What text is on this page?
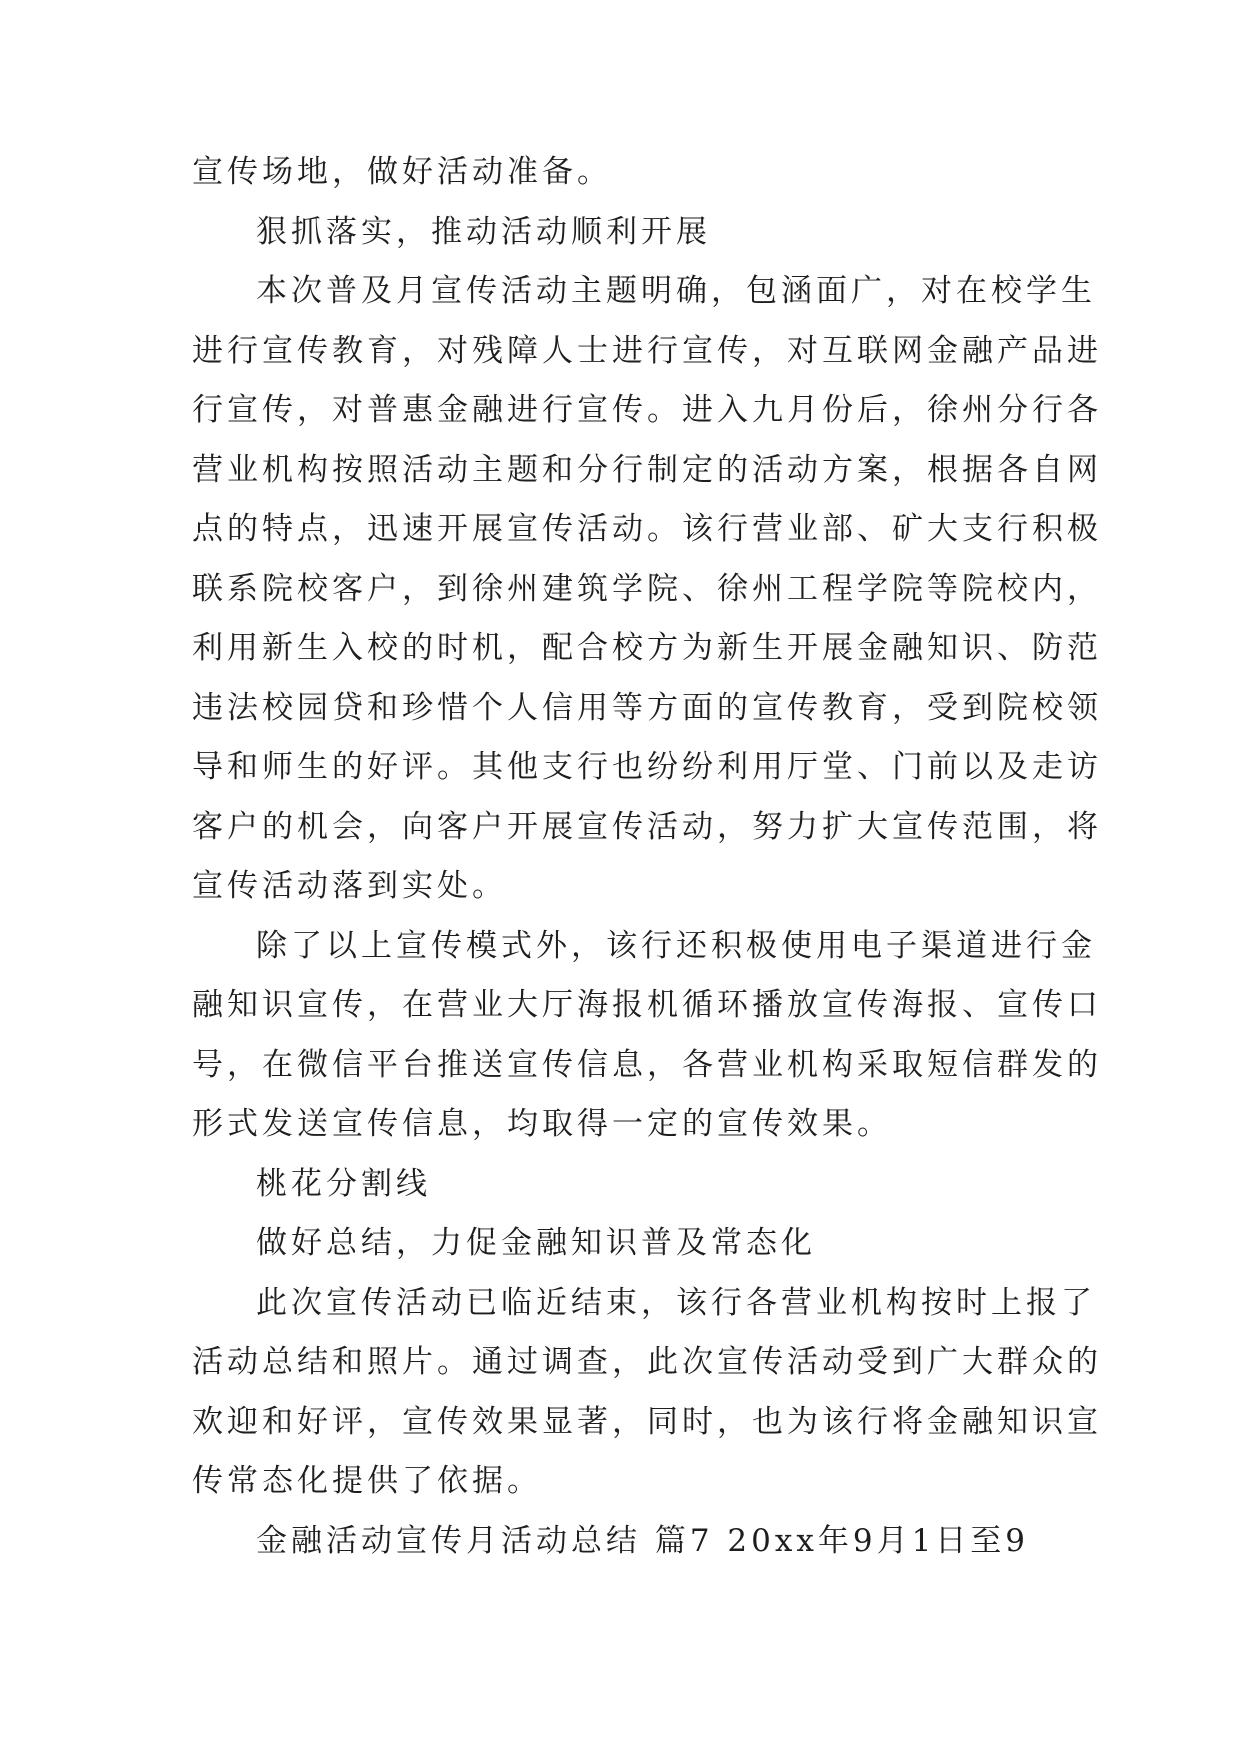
宣传场地，做好活动准备。

狠抓落实，推动活动顺利开展

本次普及月宣传活动主题明确，包涵面广，对在校学生

进行宣传教育，对残障人士进行宣传，对互联网金融产品进

行宣传，对普惠金融进行宣传。进入九月份后，徐州分行各

营业机构按照活动主题和分行制定的活动方案，根据各自网

点的特点，迅速开展宣传活动。该行营业部、矿大支行积极

联系院校客户，到徐州建筑学院、徐州工程学院等院校内，

利用新生入校的时机，配合校方为新生开展金融知识、防范

违法校园贷和珍惜个人信用等方面的宣传教育，受到院校领

导和师生的好评。其他支行也纷纷利用厅堂、门前以及走访

客户的机会，向客户开展宣传活动，努力扩大宣传范围，将

宣传活动落到实处。

除了以上宣传模式外，该行还积极使用电子渠道进行金

融知识宣传，在营业大厅海报机循环播放宣传海报、宣传口

号，在微信平台推送宣传信息，各营业机构采取短信群发的

形式发送宣传信息，均取得一定的宣传效果。

桃花分割线

做好总结，力促金融知识普及常态化

此次宣传活动已临近结束，该行各营业机构按时上报了

活动总结和照片。通过调查，此次宣传活动受到广大群众的

欢迎和好评，宣传效果显著，同时，也为该行将金融知识宣

传常态化提供了依据。

金融活动宣传月活动总结 篇7 20xx年9月1日至9
